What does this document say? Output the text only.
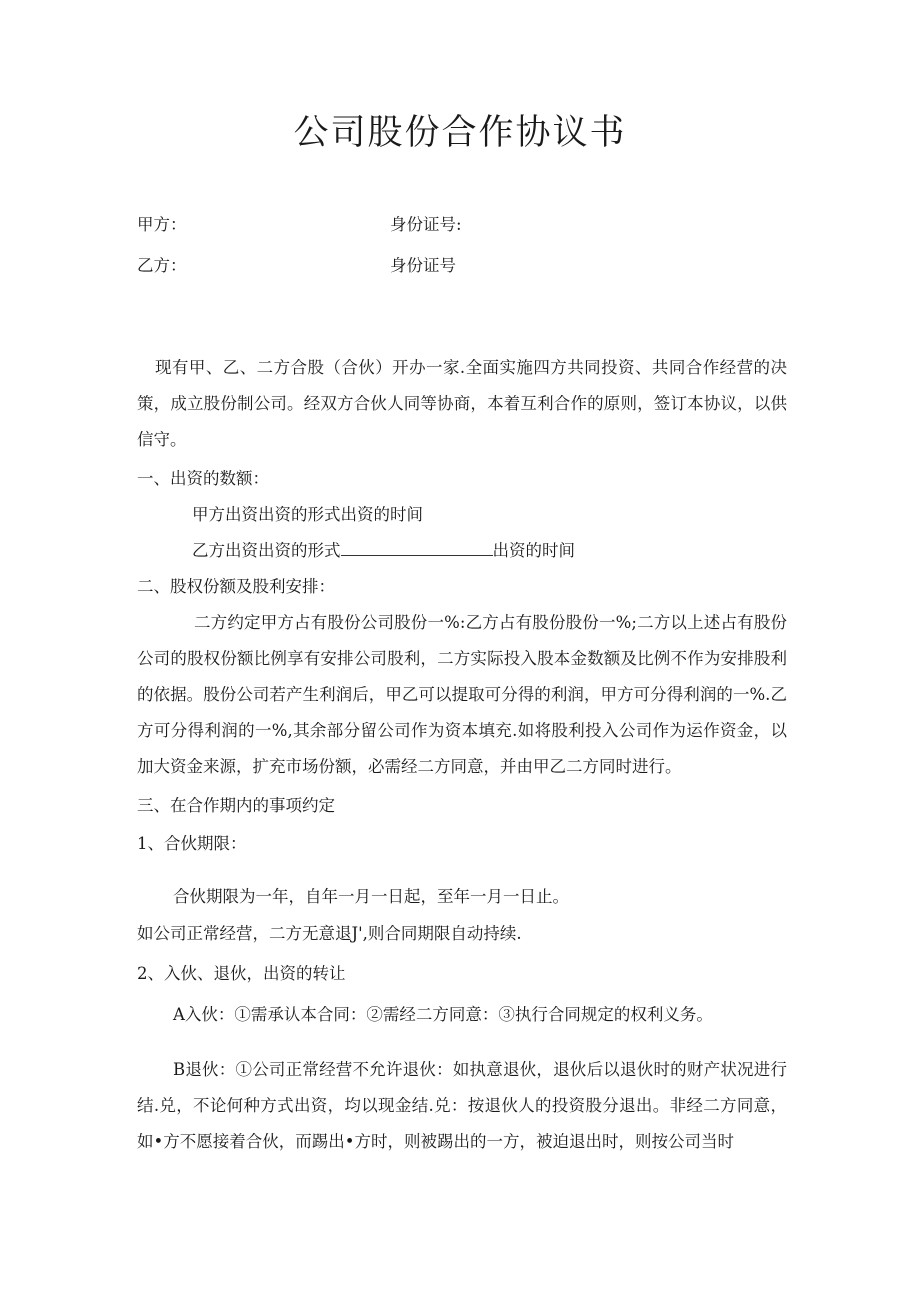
公司股份合作协议书

甲方：	身份证号:

乙方：	身份证号

现有甲、乙、二方合股（合伙）开办一家.全面实施四方共同投资、共同合作经营的决策，成立股份制公司。经双方合伙人同等协商，本着互利合作的原则，签订本协议，以供信守。

一、出资的数额：

甲方出资出资的形式出资的时间

乙方出资出资的形式	出资的时间

二、股权份额及股利安排：

二方约定甲方占有股份公司股份一%:乙方占有股份股份一%;二方以上述占有股份公司的股权份额比例享有安排公司股利，二方实际投入股本金数额及比例不作为安排股利的依据。股份公司若产生利润后，甲乙可以提取可分得的利润，甲方可分得利润的一%.乙方可分得利润的一%,其余部分留公司作为资本填充.如将股利投入公司作为运作资金，以加大资金来源，扩充市场份额，必需经二方同意，并由甲乙二方同时进行。

三、在合作期内的事项约定

1、合伙期限：

合伙期限为一年，自年一月一日起，至年一月一日止。

如公司正常经营，二方无意退J',则合同期限自动持续.

2、入伙、退伙，出资的转让

A入伙：①需承认本合同：②需经二方同意：③执行合同规定的权利义务。

B退伙：①公司正常经营不允许退伙：如执意退伙，退伙后以退伙时的财产状况进行结.兑，不论何种方式出资，均以现金结.兑：按退伙人的投资股分退出。非经二方同意，如•方不愿接着合伙，而踢出•方时，则被踢出的一方，被迫退出时，则按公司当时
